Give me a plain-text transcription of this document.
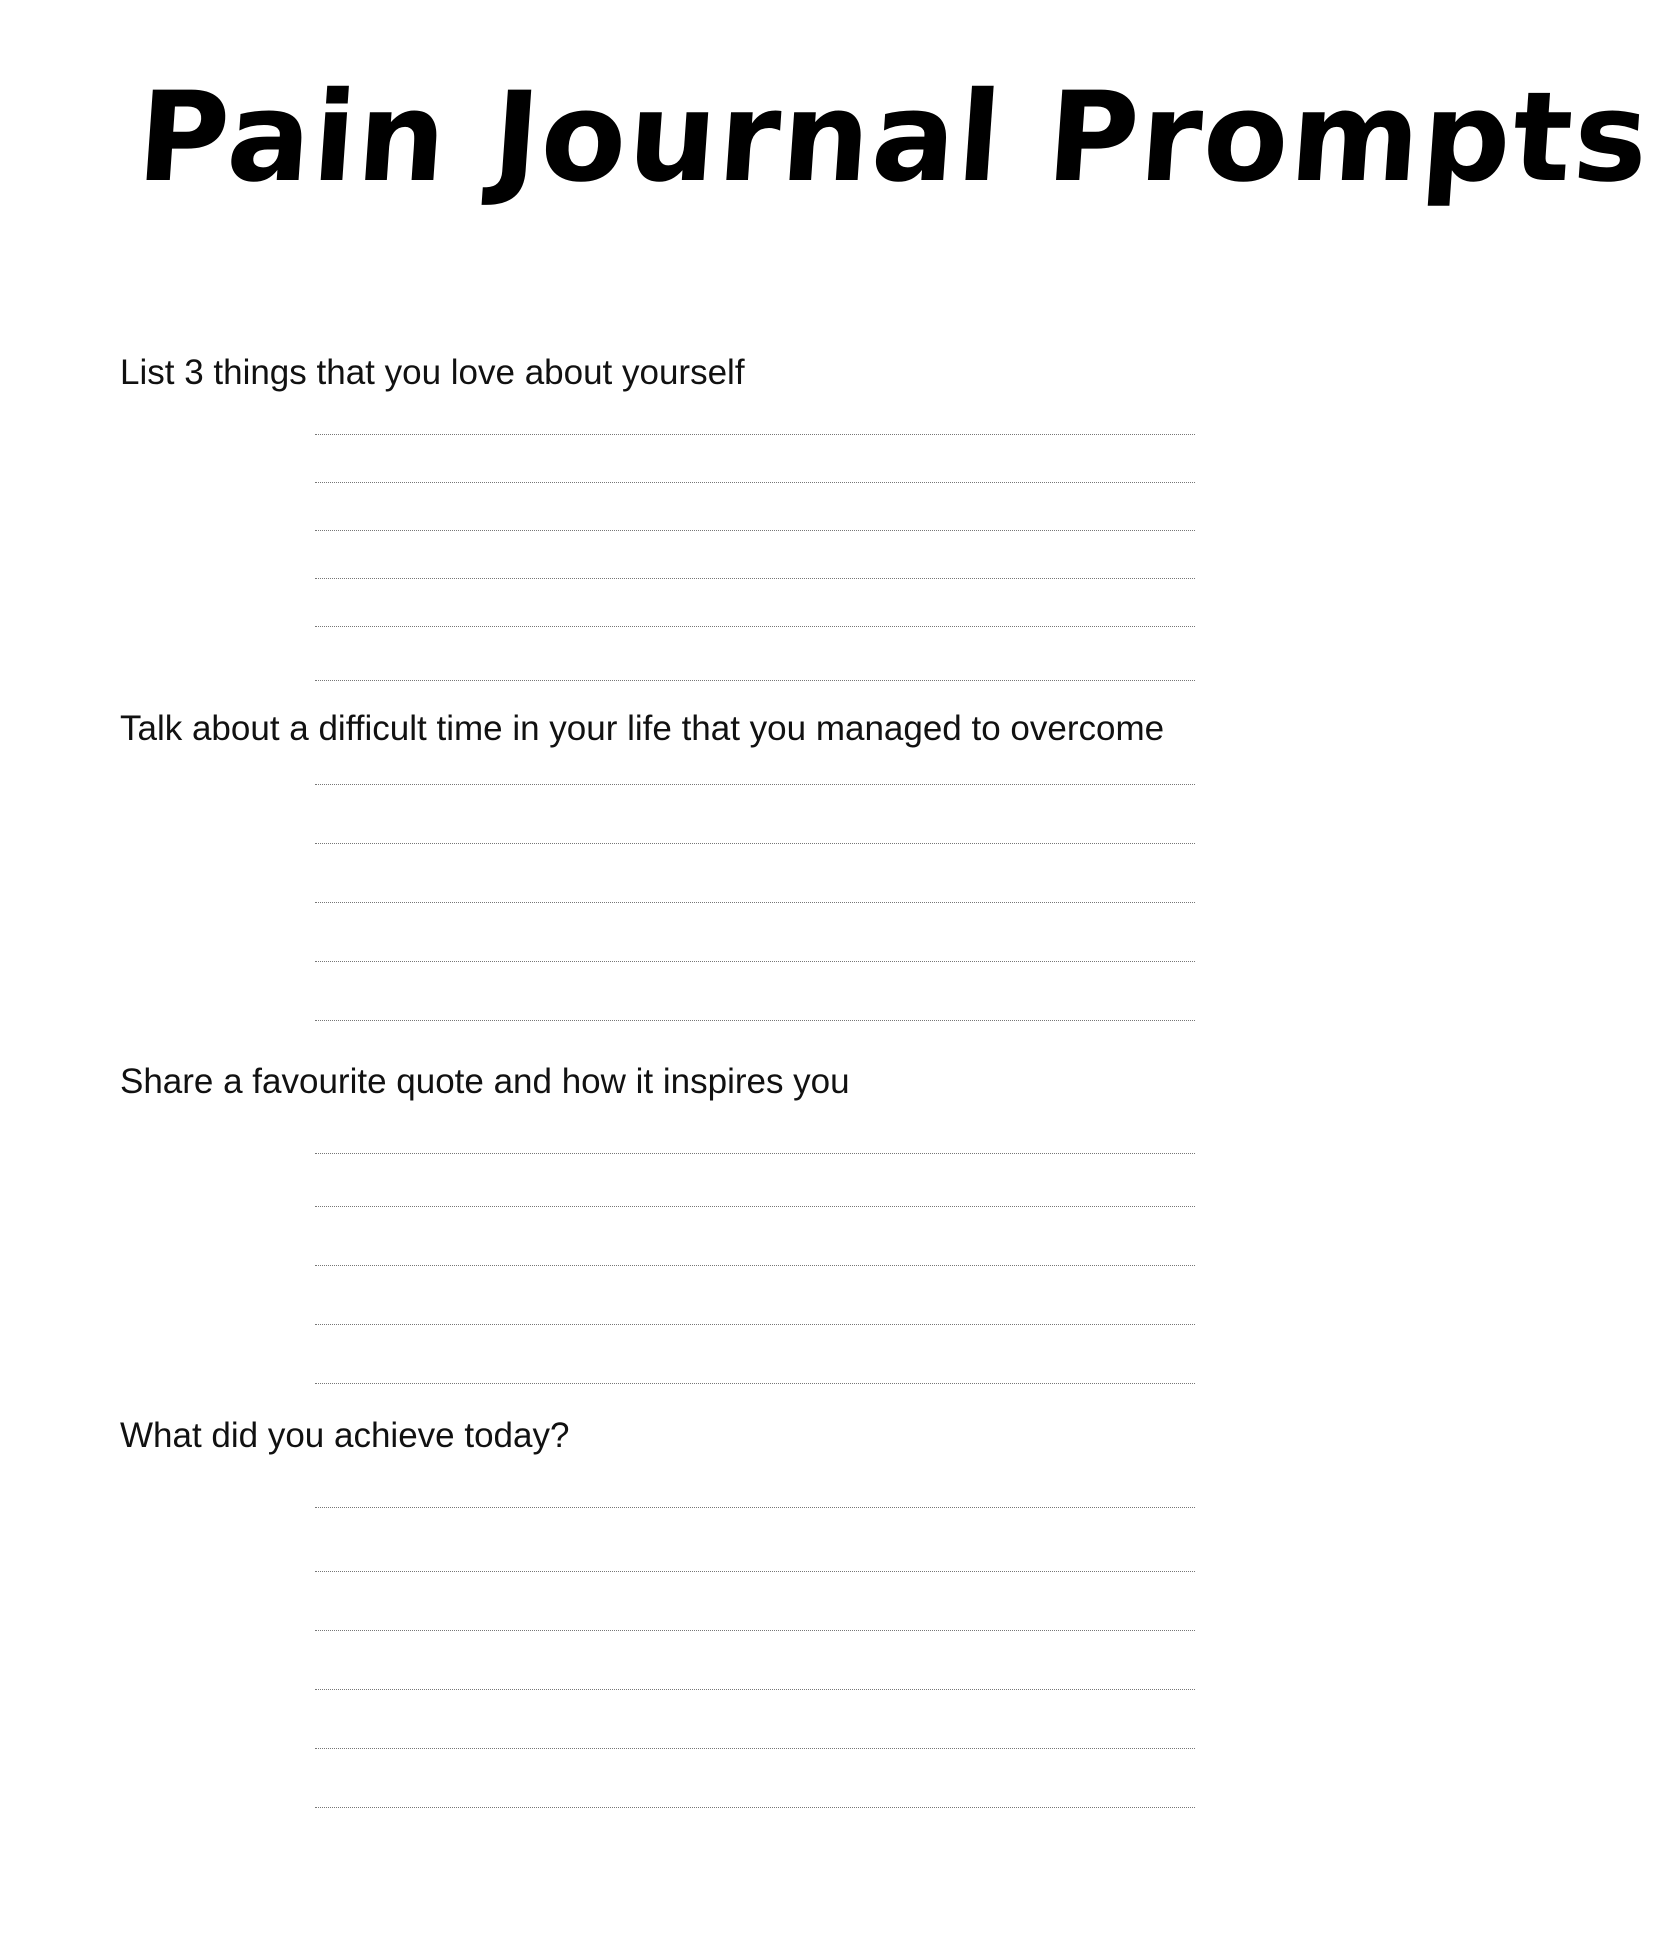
Pain Journal Prompts

List 3 things that you love about yourself

Talk about a difficult time in your life that you managed to overcome

Share a favourite quote and how it inspires you

What did you achieve today?
